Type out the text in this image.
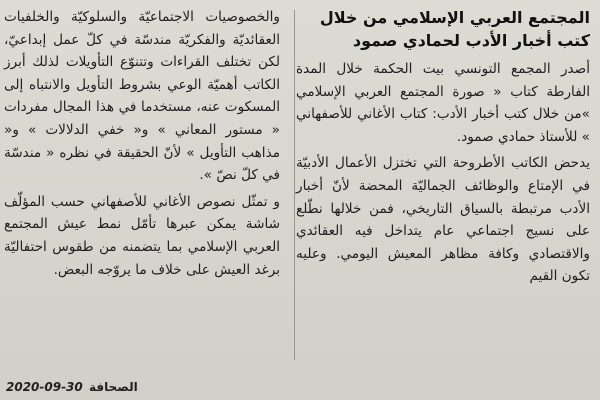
المجتمع العربي الإسلامي من خلال
كتب أخبار الأدب لحمادي صمود

أصدر المجمع التونسي بيت الحكمة خلال المدة الفارطة كتاب « صورة المجتمع العربي الإسلامي »من خلال كتب أخبار الأدب: كتاب الأغاني للأصفهاني » للأستاذ حمادي صمود.

يدحض الكاتب الأطروحة التي تختزل الأعمال الأدبيّة في الإمتاع والوظائف الجماليّة المحضة لأنّ أخبار الأدب مرتبطة بالسياق التاريخي، فمن خلالها نطّلع على نسيج اجتماعي عام يتداخل فيه العقائدي والاقتصادي وكافة مظاهر المعيش اليومي. وعليه تكون القيم

والخصوصيات الاجتماعيّة والسلوكيّة والخلفيات العقائديّة والفكريّة مندسّة في كلّ عمل إبداعيّ، لكن تختلف القراءات وتتنوّع التأويلات لذلك أبرز الكاتب أهميّة الوعي بشروط التأويل والانتباه إلى المسكوت عنه، مستخدما في هذا المجال مفردات « مستور المعاني » و« خفي الدلالات » و« مذاهب التأويل » لأنّ الحقيقة في نظره « مندسّة في كلّ نصّ ».

و تمثّل نصوص الأغاني للأصفهاني حسب المؤلّف شاشة يمكن عبرها تأمّل نمط عيش المجتمع العربي الإسلامي بما يتضمنه من طقوس احتفاليّة برغد العيش على خلاف ما يروّجه البعض.

2020-09-30 الصحافة
